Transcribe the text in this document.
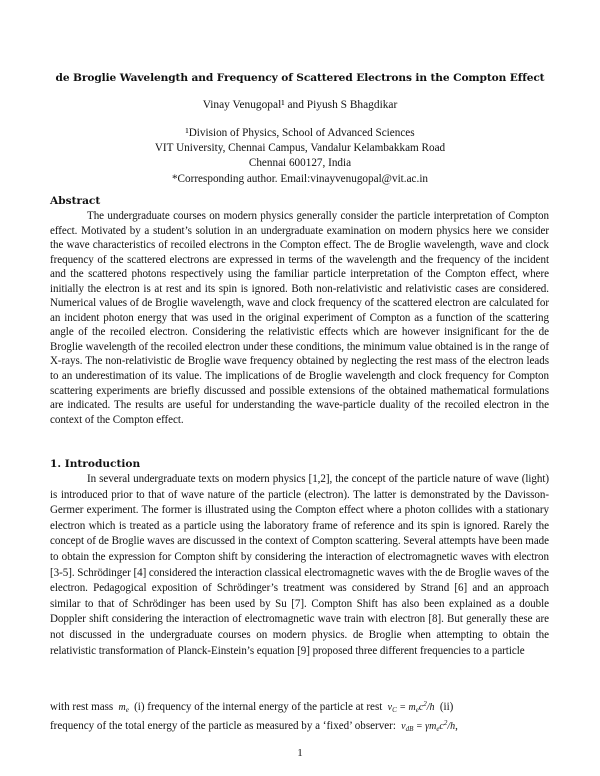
de Broglie Wavelength and Frequency of Scattered Electrons in the Compton Effect
Vinay Venugopal¹ and Piyush S Bhagdikar
¹Division of Physics, School of Advanced Sciences
VIT University, Chennai Campus, Vandalur Kelambakkam Road
Chennai 600127, India
*Corresponding author. Email:vinayvenugopal@vit.ac.in
Abstract

The undergraduate courses on modern physics generally consider the particle interpretation of Compton effect. Motivated by a student’s solution in an undergraduate examination on modern physics here we consider the wave characteristics of recoiled electrons in the Compton effect. The de Broglie wavelength, wave and clock frequency of the scattered electrons are expressed in terms of the wavelength and the frequency of the incident and the scattered photons respectively using the familiar particle interpretation of the Compton effect, where initially the electron is at rest and its spin is ignored. Both non-relativistic and relativistic cases are considered. Numerical values of de Broglie wavelength, wave and clock frequency of the scattered electron are calculated for an incident photon energy that was used in the original experiment of Compton as a function of the scattering angle of the recoiled electron. Considering the relativistic effects which are however insignificant for the de Broglie wavelength of the recoiled electron under these conditions, the minimum value obtained is in the range of X-rays. The non-relativistic de Broglie wave frequency obtained by neglecting the rest mass of the electron leads to an underestimation of its value. The implications of de Broglie wavelength and clock frequency for Compton scattering experiments are briefly discussed and possible extensions of the obtained mathematical formulations are indicated. The results are useful for understanding the wave-particle duality of the recoiled electron in the context of the Compton effect.

1. Introduction

In several undergraduate texts on modern physics [1,2], the concept of the particle nature of wave (light) is introduced prior to that of wave nature of the particle (electron). The latter is demonstrated by the Davisson-Germer experiment. The former is illustrated using the Compton effect where a photon collides with a stationary electron which is treated as a particle using the laboratory frame of reference and its spin is ignored. Rarely the concept of de Broglie waves are discussed in the context of Compton scattering. Several attempts have been made to obtain the expression for Compton shift by considering the interaction of electromagnetic waves with electron [3-5]. Schrödinger [4] considered the interaction classical electromagnetic waves with the de Broglie waves of the electron. Pedagogical exposition of Schrödinger’s treatment was considered by Strand [6] and an approach similar to that of Schrödinger has been used by Su [7]. Compton Shift has also been explained as a double Doppler shift considering the interaction of electromagnetic wave train with electron [8]. But generally these are not discussed in the undergraduate courses on modern physics. de Broglie when attempting to obtain the relativistic transformation of Planck-Einstein’s equation [9] proposed three different frequencies to a particle

with rest mass  $m_e$ (i) frequency of the internal energy of the particle at rest  $\nu_C = m_ec^2/h$  (ii)
frequency of the total energy of the particle as measured by a ‘fixed’ observer:  $\nu_{dB} = \gamma m_ec^2/h$,
1
